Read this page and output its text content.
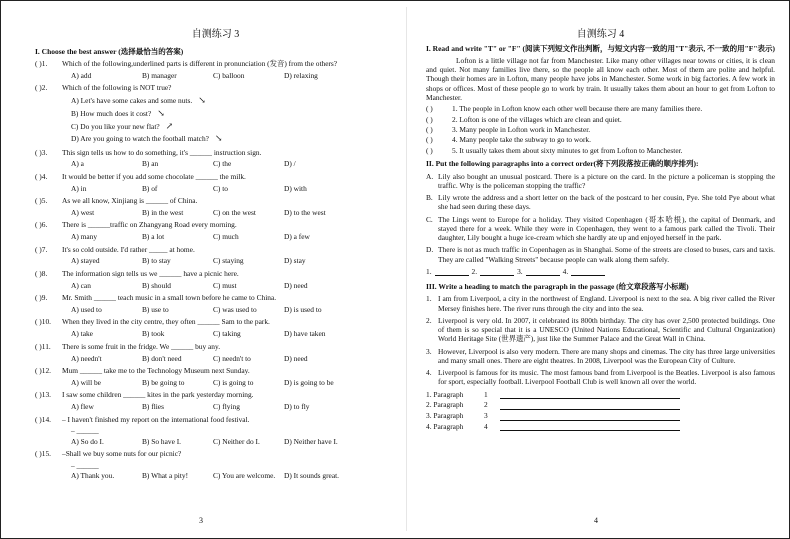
自测练习 3
I. Choose the best answer (选择最恰当的答案)
( )1.	Which of the following,underlined parts is different in pronunciation (发音) from the others?
A) add	B) manager	C) balloon	D) relaxing
( )2.	Which of the following is NOT true?
A) Let's have some cakes and some nuts. ↘
B) How much does it cost? ↘
C) Do you like your new flat? ↗
D) Are you going to watch the football match? ↘
( )3.	This sign tells us how to do something, it's ______ instruction sign.
A) a	B) an	C) the	D) /
( )4.	It would be better if you add some chocolate ______ the milk.
A) in	B) of	C) to	D) with
( )5.	As we all know, Xinjiang is ______ of China.
A) west	B) in the west	C) on the west	D) to the west
( )6.	There is ______traffic on Zhangyang Road every morning.
A) many	B) a lot	C) much	D) a few
( )7.	It's so cold outside. I'd rather _____ at home.
A) stayed	B) to stay	C) staying	D) stay
( )8.	The information sign tells us we ______ have a picnic here.
A) can	B) should	C) must	D) need
( )9.	Mr. Smith ______ teach music in a small town before he came to China.
A) used to	B) use to	C) was used to	D) is used to
( )10.	When they lived in the city centre, they often ______ Sam to the park.
A) take	B) took	C) taking	D) have taken
( )11.	There is some fruit in the fridge. We ______ buy any.
A) needn't	B) don't need	C) needn't to	D) need
( )12.	Mum ______ take me to the Technology Museum next Sunday.
A) will be	B) be going to	C) is going to	D) is going to be
( )13.	I saw some children ______ kites in the park yesterday morning.
A) flew	B) flies	C) flying	D) to fly
( )14.	– I haven't finished my report on the international food festival.
– ______
A) So do I.	B) So have I.	C) Neither do I.	D) Neither have I.
( )15.	–Shall we buy some nuts for our picnic?
– ______
A) Thank you.	B) What a pity!	C) You are welcome.	D) It sounds great.
3
自测练习 4
I. Read and write "T" or "F" (阅读下列短文作出判断，与短文内容一致的用"T"表示, 不一致的用"F"表示)
Lofton is a little village not far from Manchester. Like many other villages near towns or cities, it is clean and quiet. Not many families live there, so the people all know each other. Most of them are polite and helpful. Though their homes are in Lofton, many people have jobs in Manchester. Some work in big factories. A few work in shops or offices. Most of these people go to work by train. It usually takes them about an hour to get from Lofton to Manchester.
( )	1. The people in Lofton know each other well because there are many families there.
( )	2. Lofton is one of the villages which are clean and quiet.
( )	3. Many people in Lofton work in Manchester.
( )	4. Many people take the subway to go to work.
( )	5. It usually takes them about sixty minutes to get from Lofton to Manchester.
II. Put the following paragraphs into a correct order(将下列段落按正确的顺序排列):
A. Lily also bought an unusual postcard. There is a picture on the card. In the picture a policeman is stopping the traffic. Why is the policeman stopping the traffic?
B. Lily wrote the address and a short letter on the back of the postcard to her cousin, Pye. She told Pye about what she had seen during these days.
C. The Lings went to Europe for a holiday. They visited Copenhagen (哥本哈根), the capital of Denmark, and stayed there for a week. While they were in Copenhagen, they went to a famous park called the Tivoli. Their daughter, Lily bought a huge ice-cream which she hardly ate up and enjoyed herself in the park.
D. There is not as much traffic in Copenhagen as in Shanghai. Some of the streets are closed to buses, cars and taxis. They are called "Walking Streets" because people can walk along them safely.
1.	2.	3.	4.
III. Write a heading to match the paragraph in the passage (给文章段落写小标题)
1. I am from Liverpool, a city in the northwest of England. Liverpool is next to the sea. A big river called the River Mersey finishes here. The river runs through the city and into the sea.
2. Liverpool is very old. In 2007, it celebrated its 800th birthday. The city has over 2,500 protected buildings. One of them is so special that it is a UNESCO (United Nations Educational, Scientific and Cultural Organization) World Heritage Site (世界遗产), just like the Summer Palace and the Great Wall in China.
3. However, Liverpool is also very modern. There are many shops and cinemas. The city has three large universities and many small ones. There are eight theatres. In 2008, Liverpool was the European City of Culture.
4. Liverpool is famous for its music. The most famous band from Liverpool is the Beatles. Liverpool is also famous for sport, especially football. Liverpool Football Club is well known all over the world.
1. Paragraph	1
2. Paragraph	2
3. Paragraph	3
4. Paragraph	4
4
